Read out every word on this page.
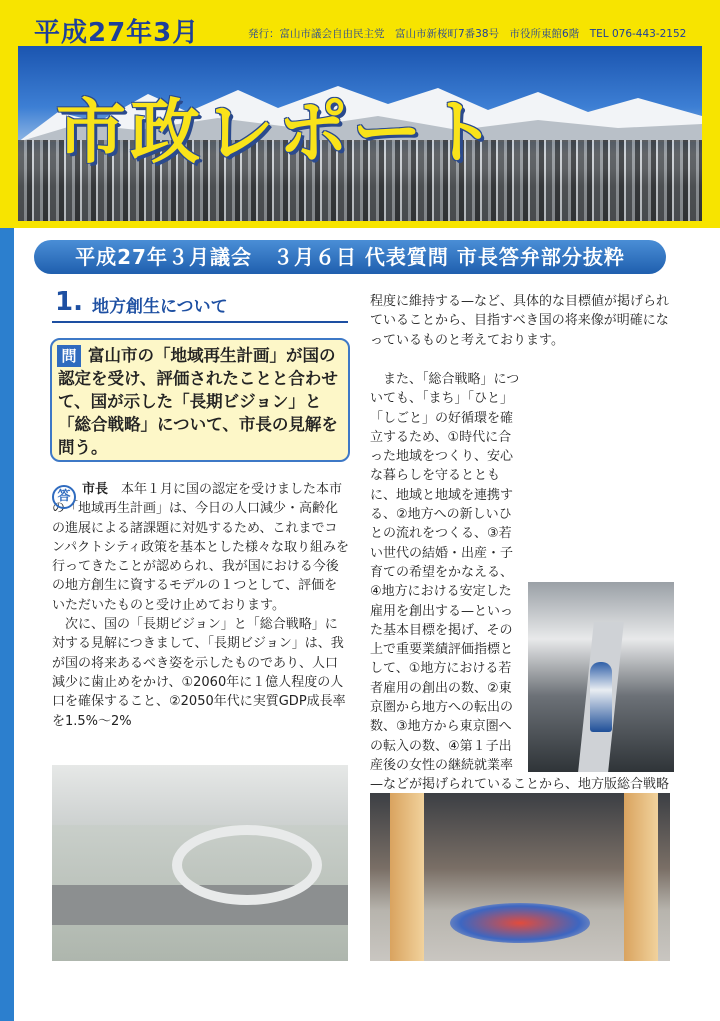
平成27年3月	発行：富山市議会自由民主党　富山市新桜町7番38号　市役所東館6階　TEL 076-443-2152
市政レポート
平成27年３月議会　３月６日 代表質問 市長答弁部分抜粋
1. 地方創生について
富山市の「地域再生計画」が国の認定を受け、評価されたことと合わせて、国が示した「長期ビジョン」と「総合戦略」について、市長の見解を問う。
問

市長　 本年１月に国の認定を受けました本市の「地域再生計画」は、今日の人口減少・高齢化の進展による諸課題に対処するため、これまでコンパクトシティ政策を基本とした様々な取り組みを行ってきたことが認められ、我が国における今後の地方創生に資するモデルの１つとして、評価をいただいたものと受け止めております。

次に、国の「長期ビジョン」と「総合戦略」に対する見解につきまして、「長期ビジョン」は、我が国の将来あるべき姿を示したものであり、人口減少に歯止めをかけ、①2060年に１億人程度の人口を確保すること、②2050年代に実質GDP成長率を1.5%〜2%

答

程度に維持する—など、具体的な目標値が掲げられていることから、目指すべき国の将来像が明確になっているものと考えております。

また、「総合戦略」についても、「まち」「ひと」「しごと」の好循環を確立するため、①時代に合った地域をつくり、安心な暮らしを守るとともに、地域と地域を連携する、②地方への新しいひとの流れをつくる、③若い世代の結婚・出産・子育ての希望をかなえる、④地方における安定した雇用を創出する—といった基本目標を掲げ、その上で重要業績評価指標として、①地方における若者雇用の創出の数、②東京圏から地方への転出の数、③地方から東京圏への転入の数、④第１子出産後の女性の継続就業率—などが掲げられていることから、地方版総合戦略
